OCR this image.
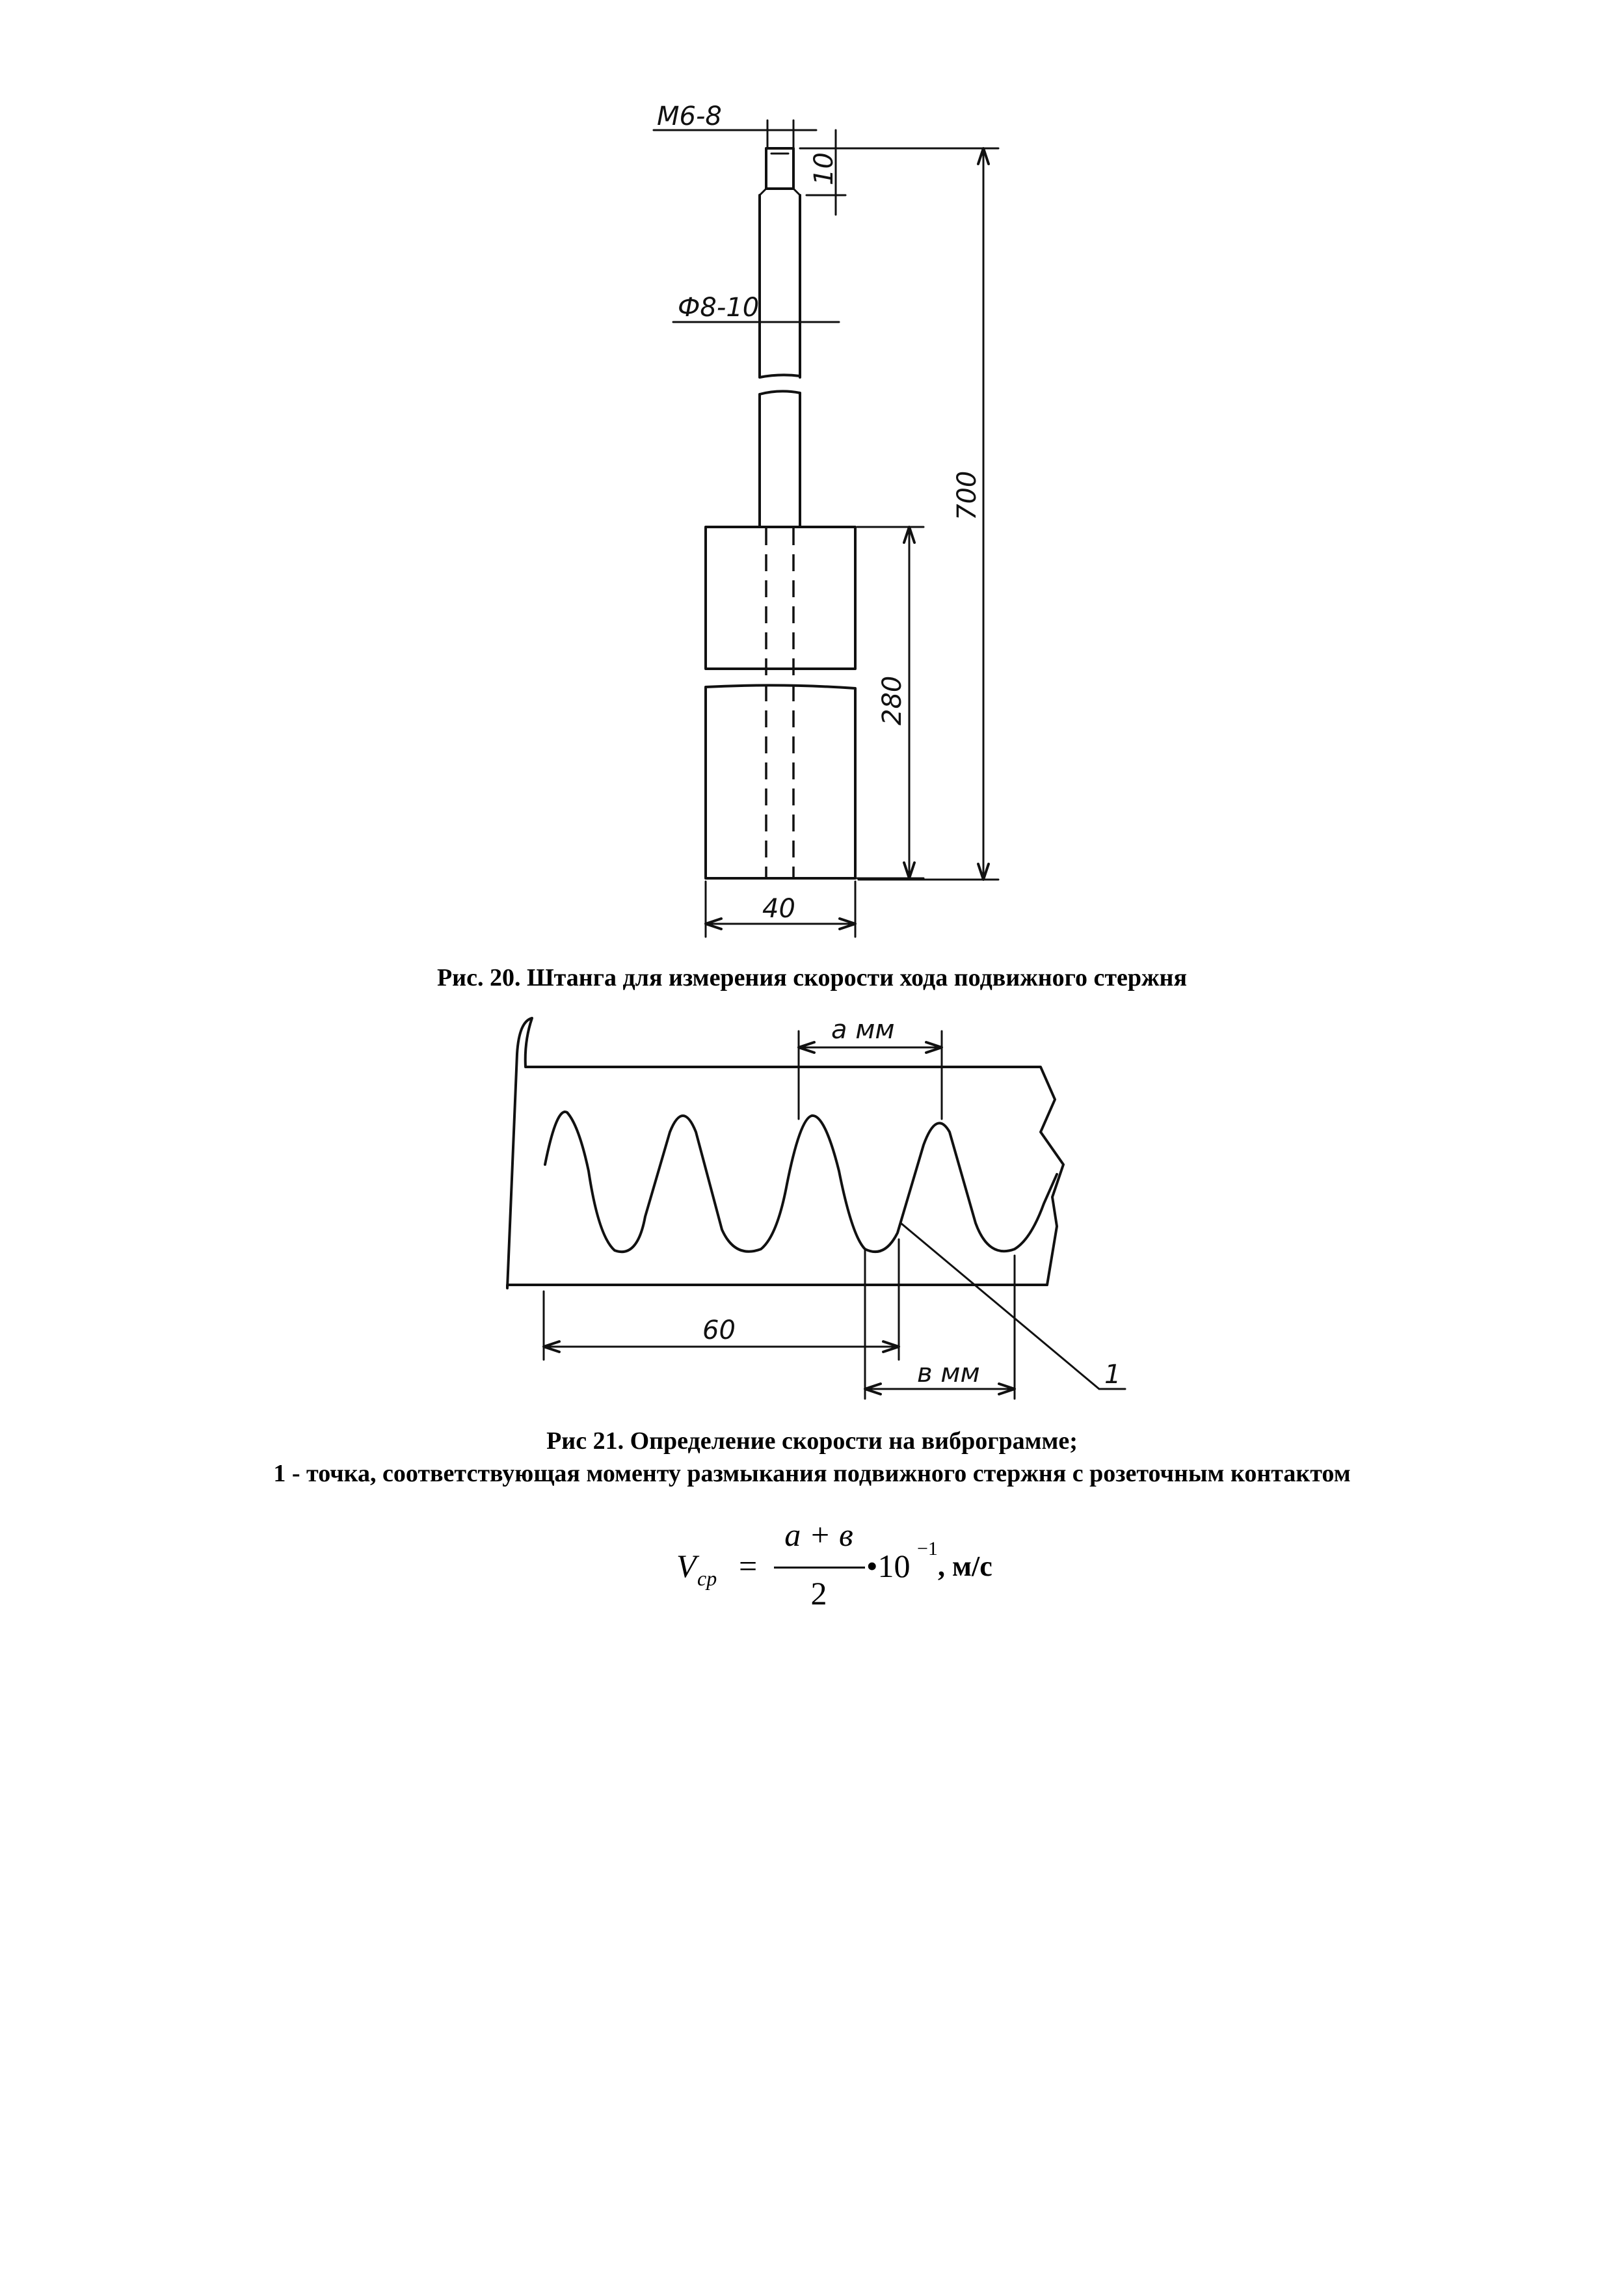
М6-8
10
Ф8-10
700
280
40
Рис. 20. Штанга для измерения скорости хода подвижного стержня
а мм
60
в мм	1
Рис 21. Определение скорости на виброграмме;
1 - точка, соответствующая моменту размыкания подвижного стержня с розеточным контактом
V ср =
а + в
2
•10 −1
, м/с
